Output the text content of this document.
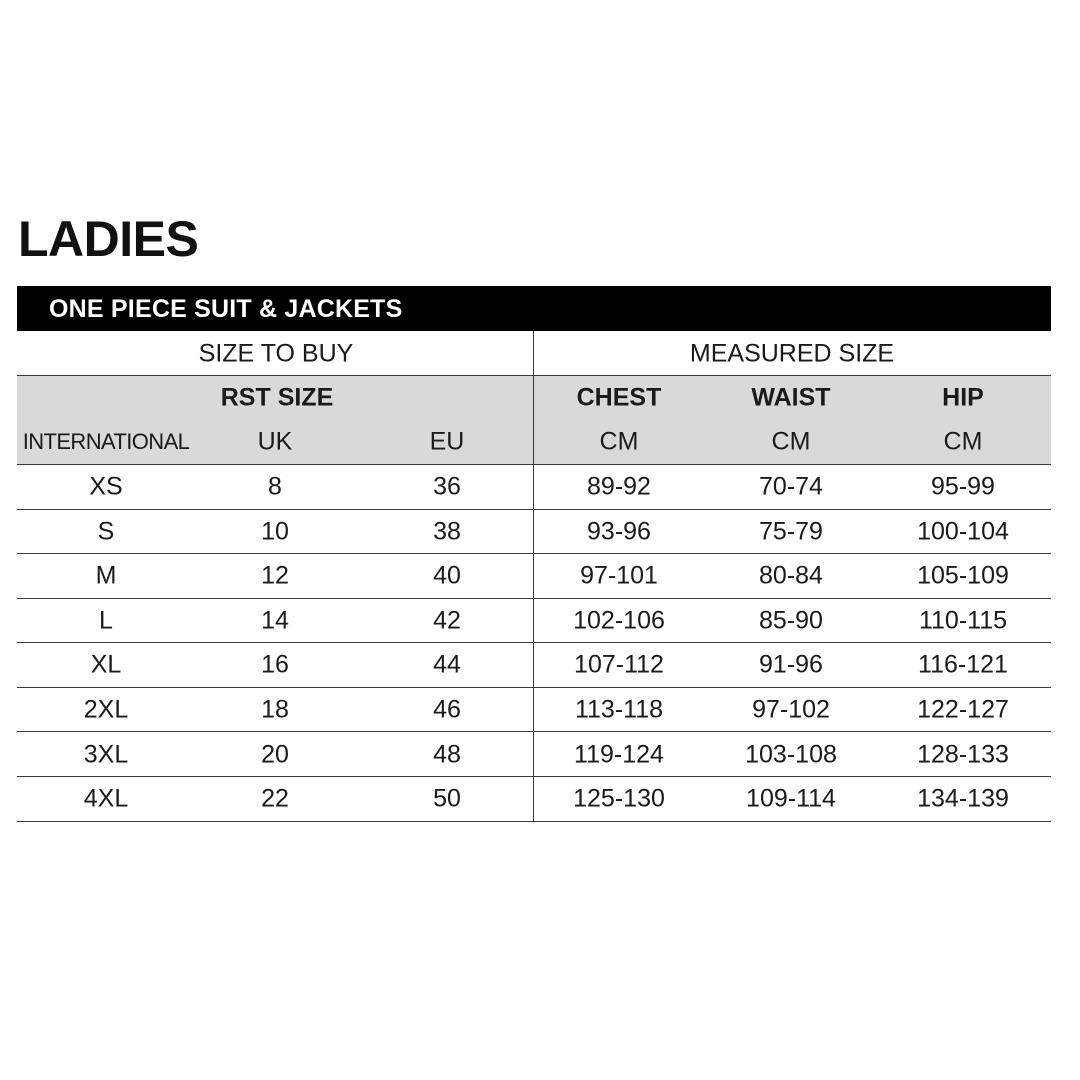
LADIES
ONE PIECE SUIT & JACKETS
SIZE TO BUY	MEASURED SIZE
RST SIZE	CHEST	WAIST	HIP
INTERNATIONAL	UK	EU	CM	CM	CM
XS	8	36	89-92	70-74	95-99
S	10	38	93-96	75-79	100-104
M	12	40	97-101	80-84	105-109
L	14	42	102-106	85-90	110-115
XL	16	44	107-112	91-96	116-121
2XL	18	46	113-118	97-102	122-127
3XL	20	48	119-124	103-108	128-133
4XL	22	50	125-130	109-114	134-139
